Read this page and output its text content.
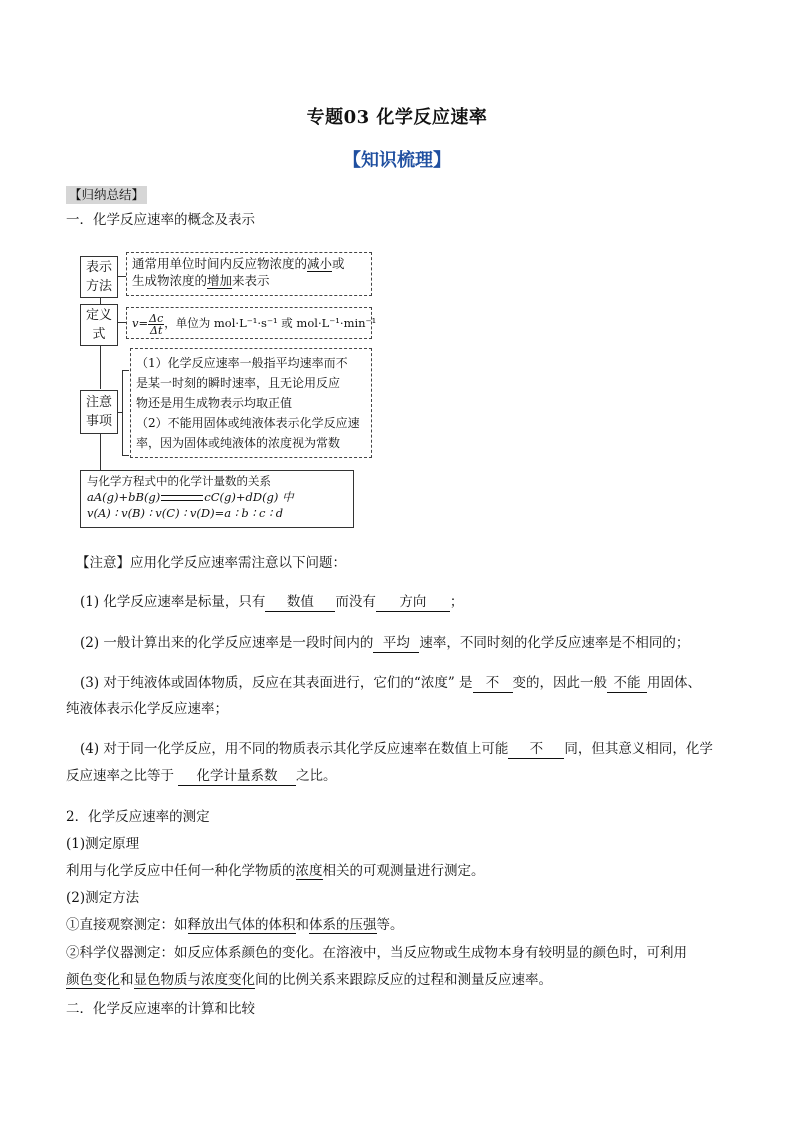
专题03 化学反应速率
【知识梳理】
【归纳总结】
一．化学反应速率的概念及表示
表示
方法
通常用单位时间内反应物浓度的减小或
生成物浓度的增加来表示
定义
式
$v= \frac{\Delta c}{\Delta t}$ ，单位为 mol·L⁻¹·s⁻¹ 或 mol·L⁻¹·min⁻¹
注意
事项
（1）化学反应速率一般指平均速率而不
是某一时刻的瞬时速率，且无论用反应
物还是用生成物表示均取正值
（2）不能用固体或纯液体表示化学反应速
率，因为固体或纯液体的浓度视为常数
与化学方程式中的化学计量数的关系
aA(g)+bB(g)	cC(g)+dD(g) 中
v(A) ∶ v(B) ∶ v(C) ∶ v(D)=a ∶ b ∶ c ∶ d
【注意】应用化学反应速率需注意以下问题：
(1) 化学反应速率是标量，只有 数值 而没有 方向 ；
(2) 一般计算出来的化学反应速率是一段时间内的 平均 速率，不同时刻的化学反应速率是不相同的；
(3) 对于纯液体或固体物质，反应在其表面进行，它们的“浓度” 是 不 变的，因此一般 不能 用固体、
纯液体表示化学反应速率；
(4) 对于同一化学反应，用不同的物质表示其化学反应速率在数值上可能 不 同，但其意义相同，化学
反应速率之比等于 化学计量系数 之比。
2．化学反应速率的测定
(1)测定原理
利用与化学反应中任何一种化学物质的浓度相关的可观测量进行测定。
(2)测定方法
①直接观察测定：如释放出气体的体积和体系的压强等。
②科学仪器测定：如反应体系颜色的变化。在溶液中，当反应物或生成物本身有较明显的颜色时，可利用
颜色变化和显色物质与浓度变化间的比例关系来跟踪反应的过程和测量反应速率。
二．化学反应速率的计算和比较
